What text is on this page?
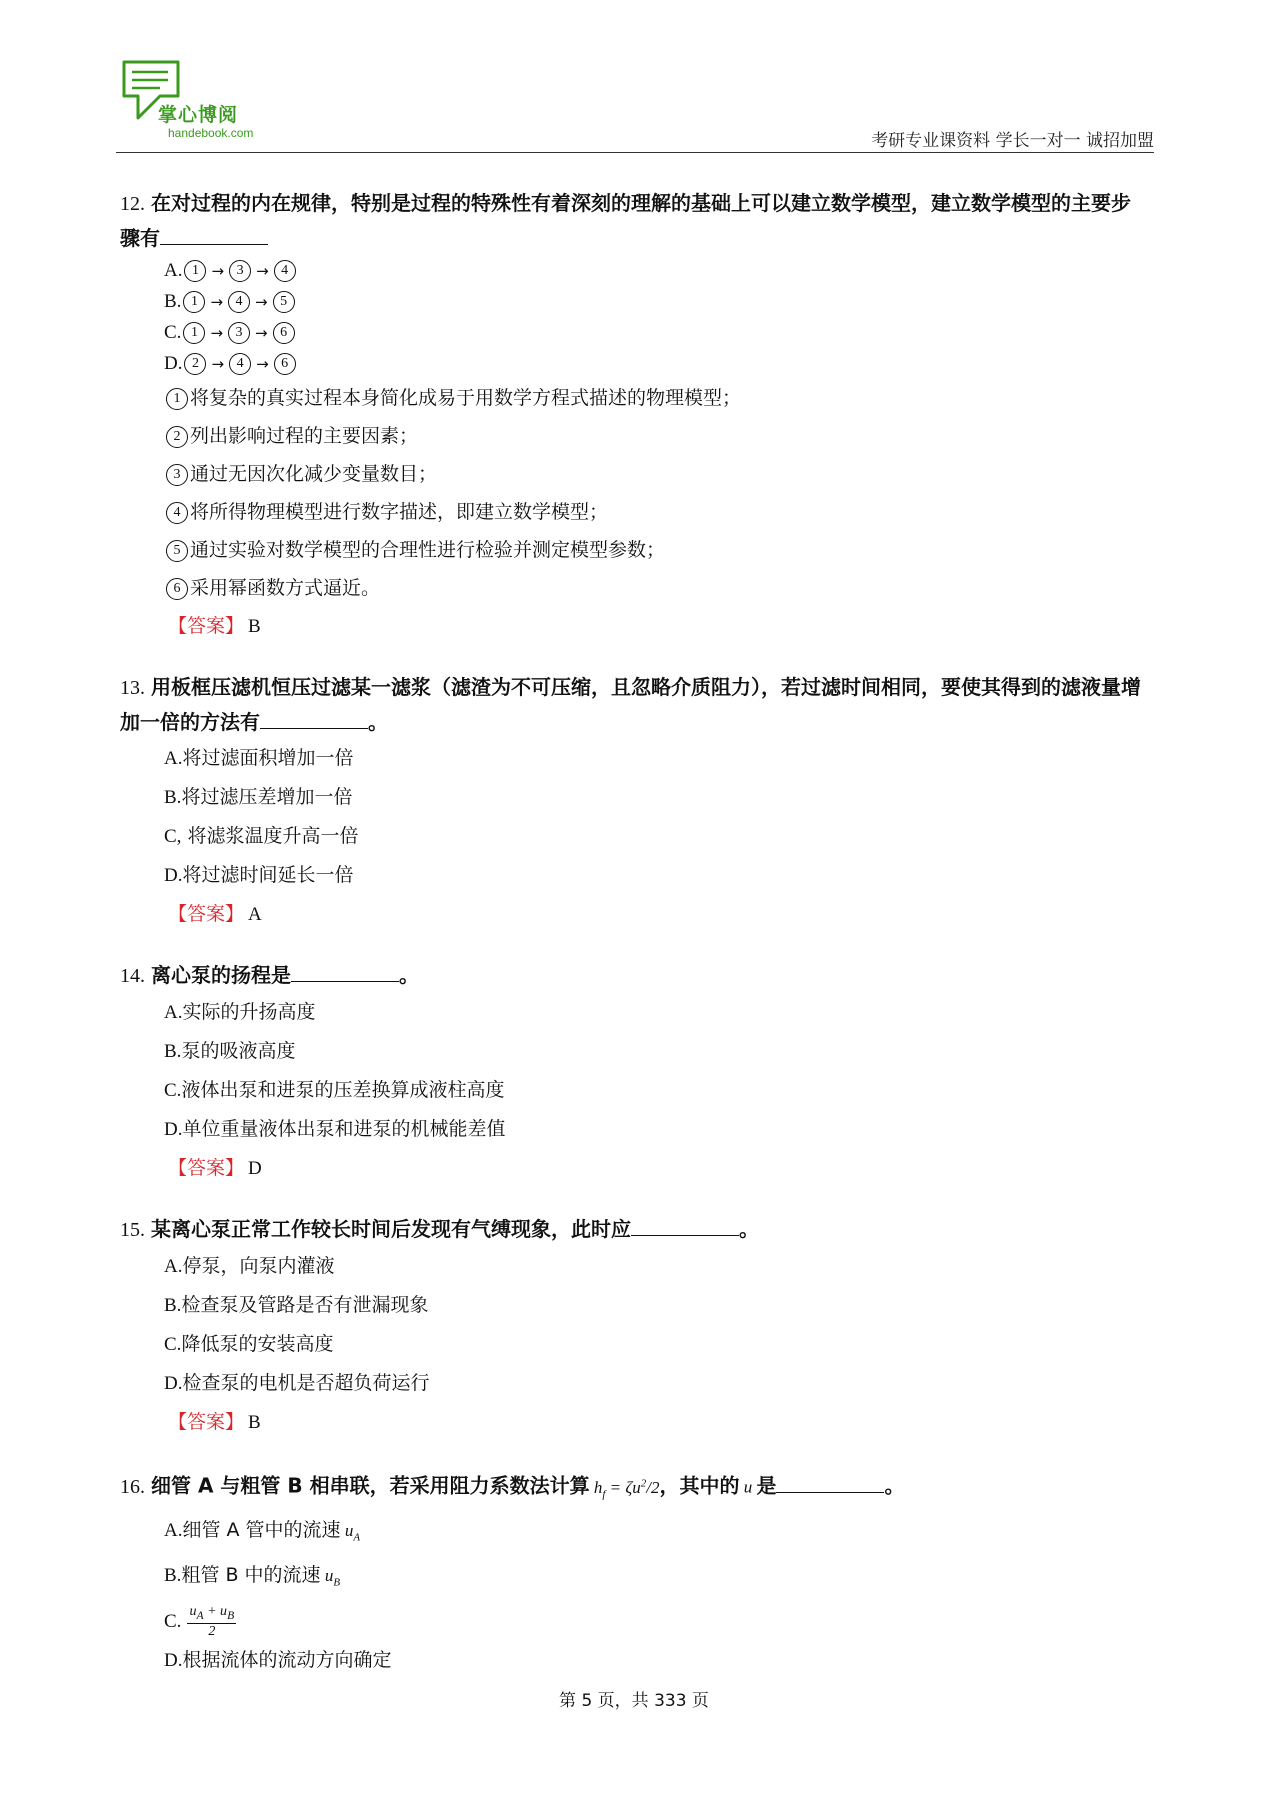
掌心博阅
handebook.com	考研专业课资料 学长一对一 诚招加盟

12. 在对过程的内在规律，特别是过程的特殊性有着深刻的理解的基础上可以建立数学模型，建立数学模型的主要步骤有

A. 1 → 3 → 4
B. 1 → 4 → 5
C. 1 → 3 → 6
D. 2 → 4 → 6
1 将复杂的真实过程本身简化成易于用数学方程式描述的物理模型；
2 列出影响过程的主要因素；
3 通过无因次化减少变量数目；
4 将所得物理模型进行数字描述，即建立数学模型；
5 通过实验对数学模型的合理性进行检验并测定模型参数；
6 采用幂函数方式逼近。
【答案】 B

13. 用板框压滤机恒压过滤某一滤浆（滤渣为不可压缩，且忽略介质阻力），若过滤时间相同，要使其得到的滤液量增加一倍的方法有	。

A.将过滤面积增加一倍
B.将过滤压差增加一倍
C, 将滤浆温度升高一倍
D.将过滤时间延长一倍
【答案】 A

14. 离心泵的扬程是	。

A.实际的升扬高度
B.泵的吸液高度
C.液体出泵和进泵的压差换算成液柱高度
D.单位重量液体出泵和进泵的机械能差值
【答案】 D

15. 某离心泵正常工作较长时间后发现有气缚现象，此时应	。

A.停泵，向泵内灌液
B.检查泵及管路是否有泄漏现象
C.降低泵的安装高度
D.检查泵的电机是否超负荷运行
【答案】 B

16. 细管 A 与粗管 B 相串联，若采用阻力系数法计算 $h_f = \zeta u^2/2$，其中的 u 是	。

A.细管 A 管中的流速 $u_A$
B.粗管 B 中的流速 $u_B$
C. $\frac{u_A + u_B}{2}$
D.根据流体的流动方向确定
第 5 页，共 333 页
